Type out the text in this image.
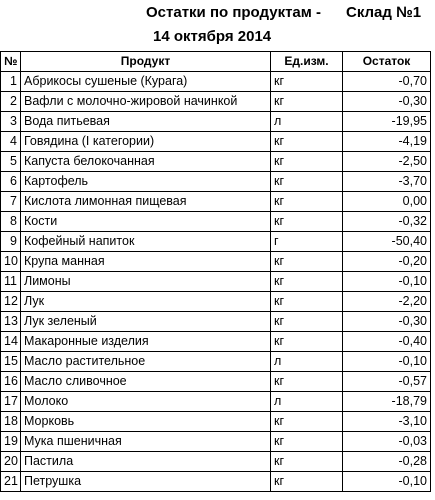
Остатки по продуктам - Склад №1
14 октября 2014
№	Продукт	Ед.изм.	Остаток
1	Абрикосы сушеные (Курага)	кг	-0,70
2	Вафли с молочно-жировой начинкой	кг	-0,30
3	Вода питьевая	л	-19,95
4	Говядина (I категории)	кг	-4,19
5	Капуста белокочанная	кг	-2,50
6	Картофель	кг	-3,70
7	Кислота лимонная пищевая	кг	0,00
8	Кости	кг	-0,32
9	Кофейный напиток	г	-50,40
10	Крупа манная	кг	-0,20
11	Лимоны	кг	-0,10
12	Лук	кг	-2,20
13	Лук зеленый	кг	-0,30
14	Макаронные изделия	кг	-0,40
15	Масло растительное	л	-0,10
16	Масло сливочное	кг	-0,57
17	Молоко	л	-18,79
18	Морковь	кг	-3,10
19	Мука пшеничная	кг	-0,03
20	Пастила	кг	-0,28
21	Петрушка	кг	-0,10
